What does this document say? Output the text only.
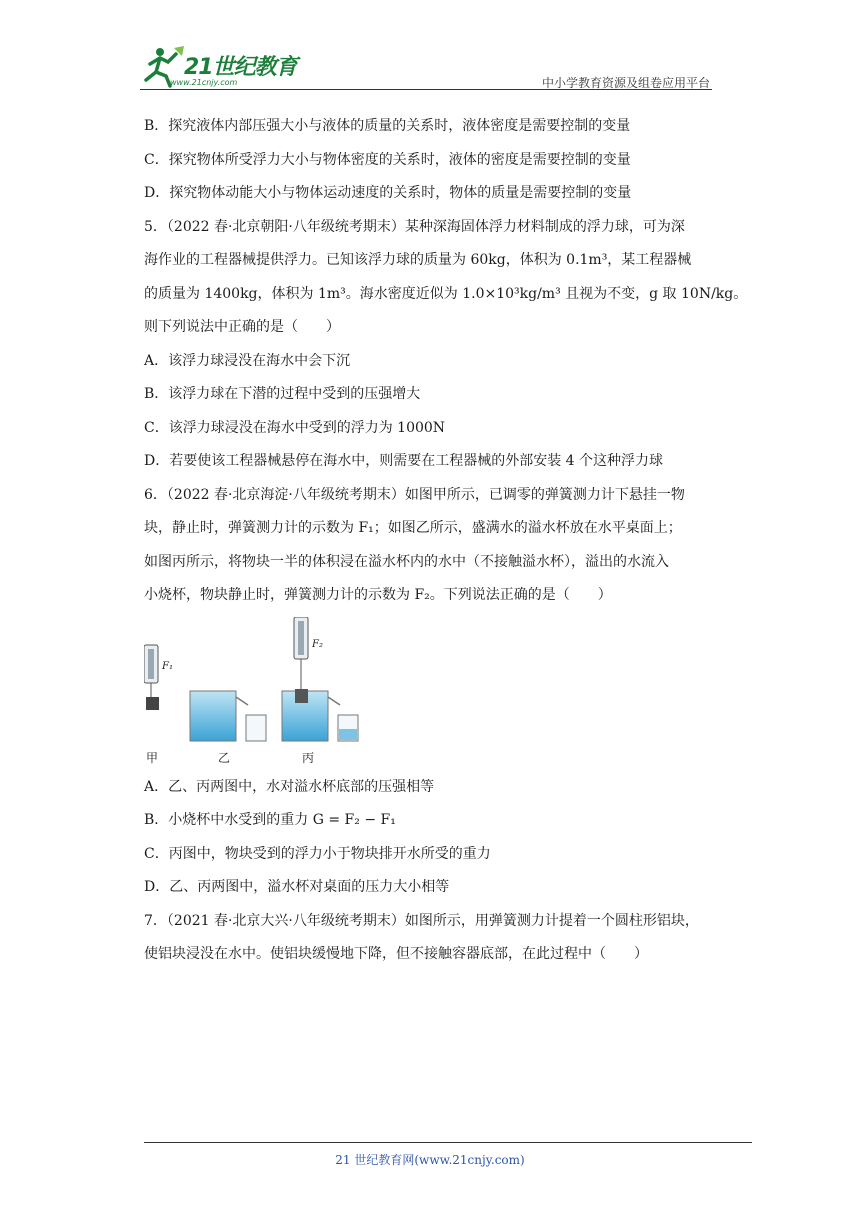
21世纪教育
www.21cnjy.com	中小学教育资源及组卷应用平台
B．探究液体内部压强大小与液体的质量的关系时，液体密度是需要控制的变量
C．探究物体所受浮力大小与物体密度的关系时，液体的密度是需要控制的变量
D．探究物体动能大小与物体运动速度的关系时，物体的质量是需要控制的变量
5．（2022 春·北京朝阳·八年级统考期末）某种深海固体浮力材料制成的浮力球，可为深
海作业的工程器械提供浮力。已知该浮力球的质量为 60kg，体积为 0.1m³，某工程器械
的质量为 1400kg，体积为 1m³。海水密度近似为 1.0×10³kg/m³ 且视为不变，g 取 10N/kg。
则下列说法中正确的是（　　）
A．该浮力球浸没在海水中会下沉
B．该浮力球在下潜的过程中受到的压强增大
C．该浮力球浸没在海水中受到的浮力为 1000N
D．若要使该工程器械悬停在海水中，则需要在工程器械的外部安装 4 个这种浮力球
6．（2022 春·北京海淀·八年级统考期末）如图甲所示，已调零的弹簧测力计下悬挂一物
块，静止时，弹簧测力计的示数为 F₁；如图乙所示，盛满水的溢水杯放在水平桌面上；
如图丙所示，将物块一半的体积浸在溢水杯内的水中（不接触溢水杯），溢出的水流入
小烧杯，物块静止时，弹簧测力计的示数为 F₂。下列说法正确的是（　　）
F₁
F₂
甲	乙	丙
A．乙、丙两图中，水对溢水杯底部的压强相等
B．小烧杯中水受到的重力 G = F₂ − F₁
C．丙图中，物块受到的浮力小于物块排开水所受的重力
D．乙、丙两图中，溢水杯对桌面的压力大小相等
7．（2021 春·北京大兴·八年级统考期末）如图所示，用弹簧测力计提着一个圆柱形铝块，
使铝块浸没在水中。使铝块缓慢地下降，但不接触容器底部，在此过程中（　　）
21 世纪教育网(www.21cnjy.com)
